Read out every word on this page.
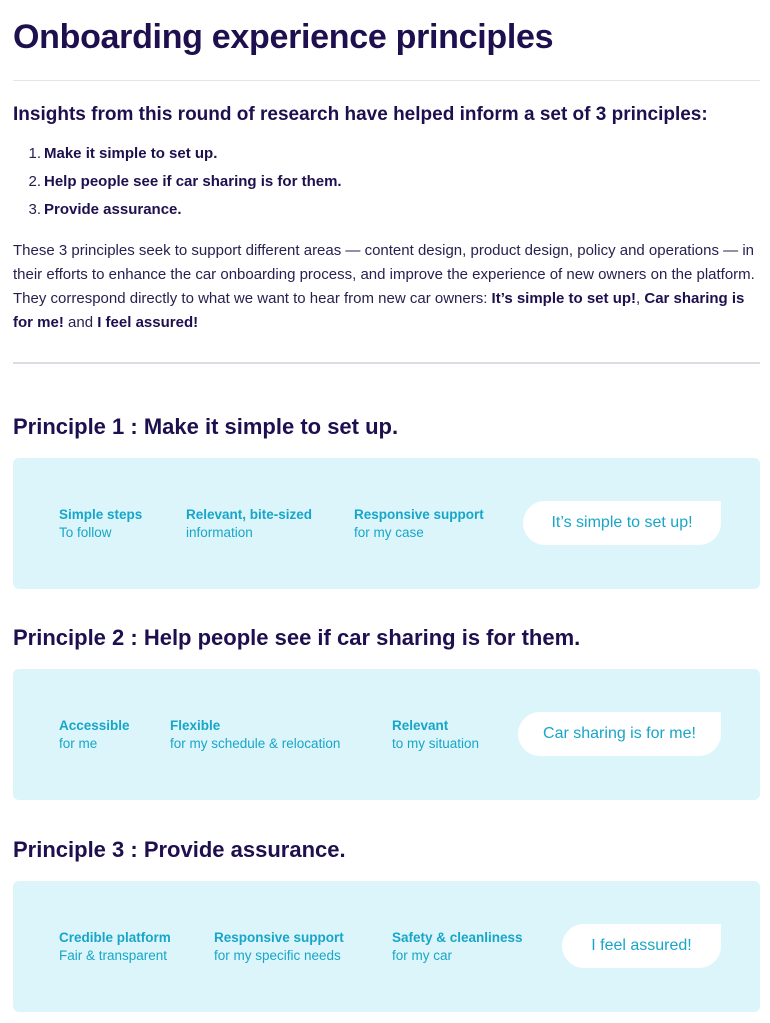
Onboarding experience principles
Insights from this round of research have helped inform a set of 3 principles:
1. Make it simple to set up.
2. Help people see if car sharing is for them.
3. Provide assurance.

These 3 principles seek to support different areas — content design, product design, policy and operations — in their efforts to enhance the car onboarding process, and improve the experience of new owners on the platform. They correspond directly to what we want to hear from new car owners: It’s simple to set up!, Car sharing is for me! and I feel assured!

Principle 1 : Make it simple to set up.
Simple steps
To follow
Relevant, bite-sized
information
Responsive support
for my case
It’s simple to set up!
Principle 2 : Help people see if car sharing is for them.
Accessible
for me
Flexible
for my schedule & relocation
Relevant
to my situation
Car sharing is for me!
Principle 3 : Provide assurance.
Credible platform
Fair & transparent
Responsive support
for my specific needs
Safety & cleanliness
for my car
I feel assured!
